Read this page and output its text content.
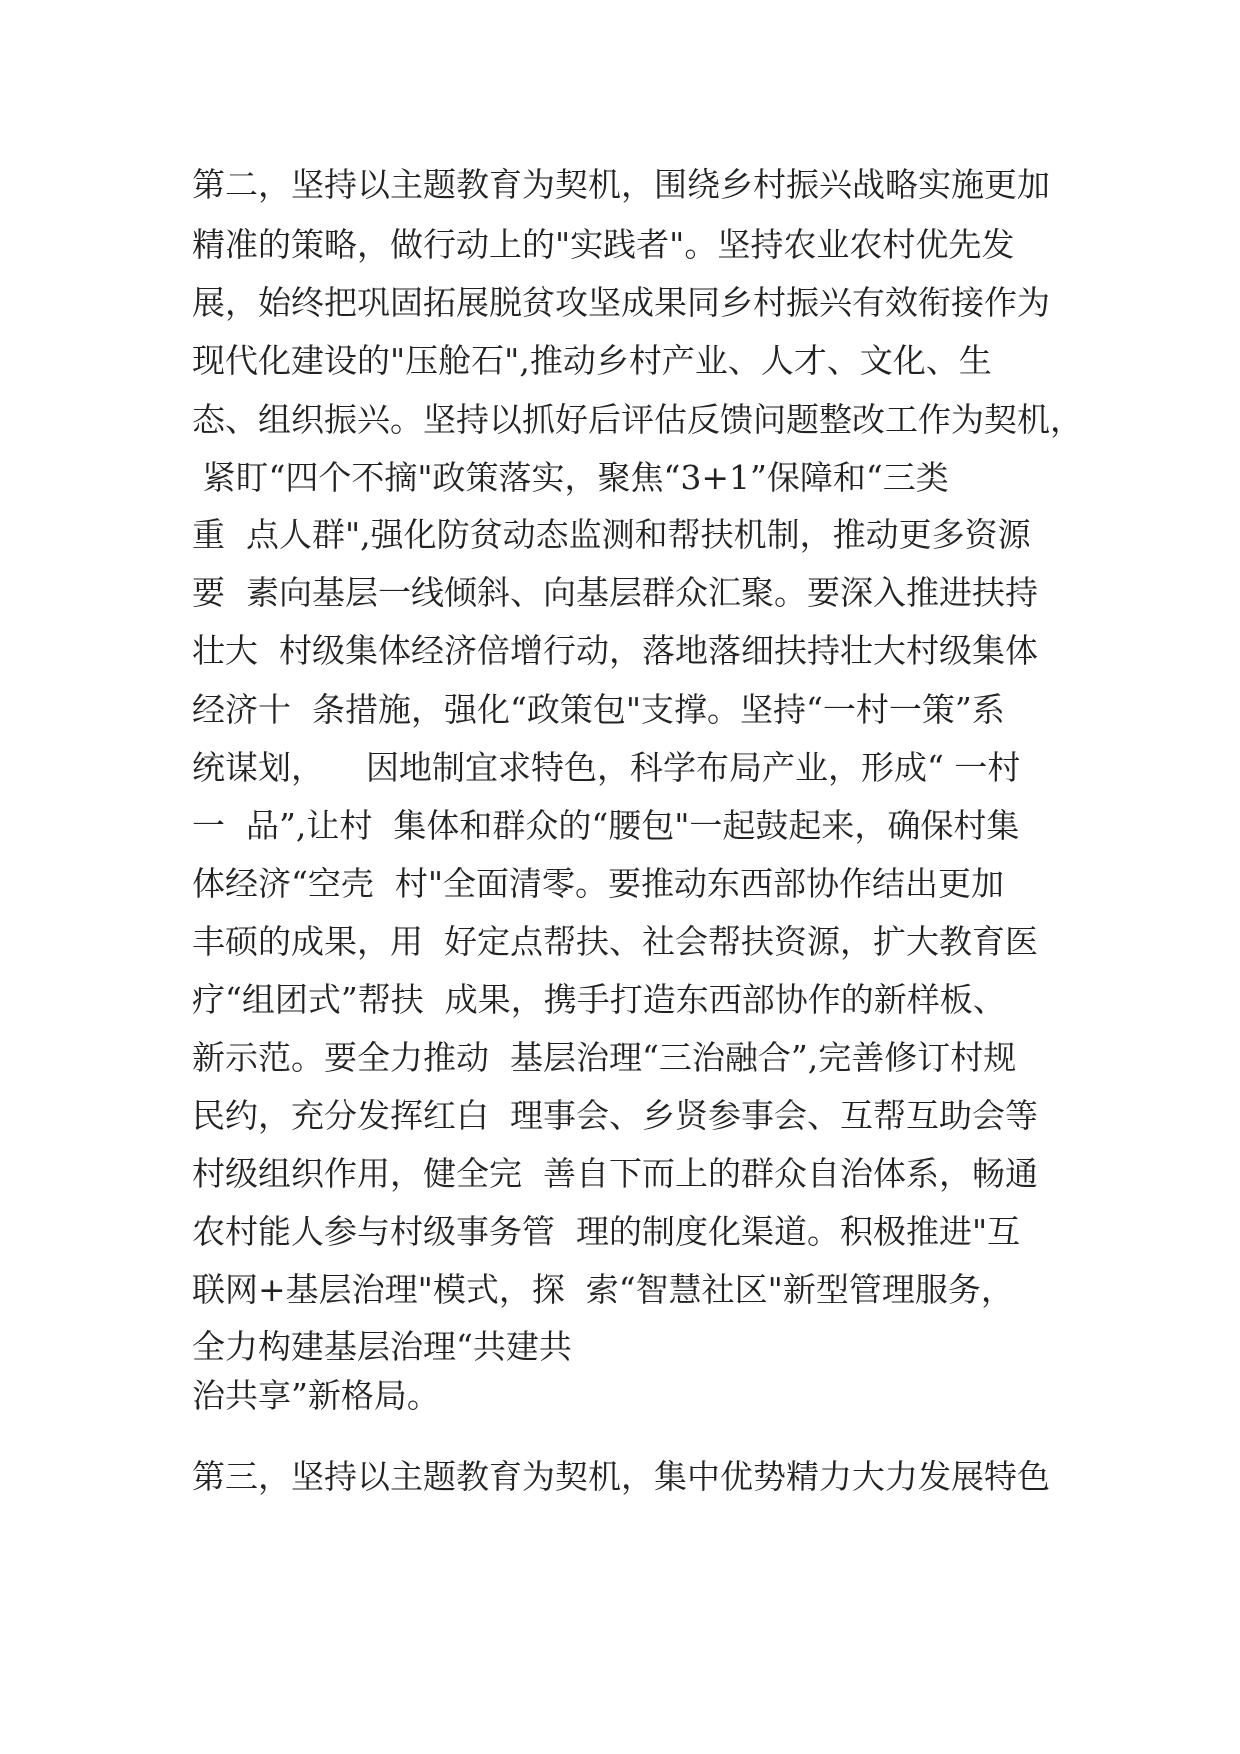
第二，坚持以主题教育为契机，围绕乡村振兴战略实施更加
精准的策略，做行动上的"实践者"。坚持农业农村优先发
展，始终把巩固拓展脱贫攻坚成果同乡村振兴有效衔接作为
现代化建设的"压舱石",推动乡村产业、人才、文化、生
态、组织振兴。坚持以抓好后评估反馈问题整改工作为契机，
紧盯“四个不摘"政策落实，聚焦“3+1”保障和“三类
重  点人群",强化防贫动态监测和帮扶机制，推动更多资源
要  素向基层一线倾斜、向基层群众汇聚。要深入推进扶持
壮大  村级集体经济倍增行动，落地落细扶持壮大村级集体
经济十  条措施，强化“政策包"支撑。坚持“一村一策”系
统谋划，    因地制宜求特色，科学布局产业，形成“ 一村
一  品”,让村  集体和群众的“腰包"一起鼓起来，确保村集
体经济“空壳  村"全面清零。要推动东西部协作结出更加
丰硕的成果，用  好定点帮扶、社会帮扶资源，扩大教育医
疗“组团式”帮扶  成果，携手打造东西部协作的新样板、
新示范。要全力推动  基层治理“三治融合”,完善修订村规
民约，充分发挥红白  理事会、乡贤参事会、互帮互助会等
村级组织作用，健全完  善自下而上的群众自治体系，畅通
农村能人参与村级事务管  理的制度化渠道。积极推进"互
联网+基层治理"模式，探  索“智慧社区"新型管理服务，
全力构建基层治理“共建共
治共享”新格局。
第三，坚持以主题教育为契机，集中优势精力大力发展特色
